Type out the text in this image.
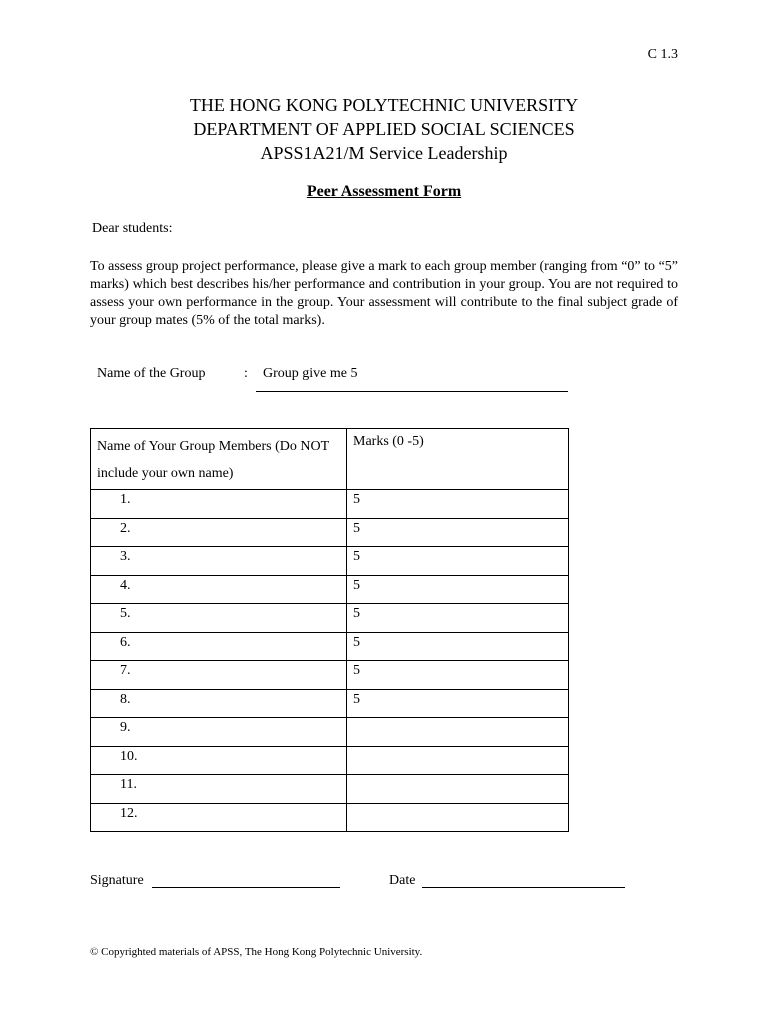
C 1.3
THE HONG KONG POLYTECHNIC UNIVERSITY
DEPARTMENT OF APPLIED SOCIAL SCIENCES
APSS1A21/M Service Leadership
Peer Assessment Form
Dear students:
To assess group project performance, please give a mark to each group member (ranging from “0” to “5” marks) which best describes his/her performance and contribution in your group. You are not required to assess your own performance in the group. Your assessment will contribute to the final subject grade of your group mates (5% of the total marks).
Name of the Group	: Group give me 5
Name of Your Group Members (Do NOT include your own name)	Marks (0 -5)
1.	5
2.	5
3.	5
4.	5
5.	5
6.	5
7.	5
8.	5
9.	
10.	
11.	
12.	
Signature	Date
© Copyrighted materials of APSS, The Hong Kong Polytechnic University.
